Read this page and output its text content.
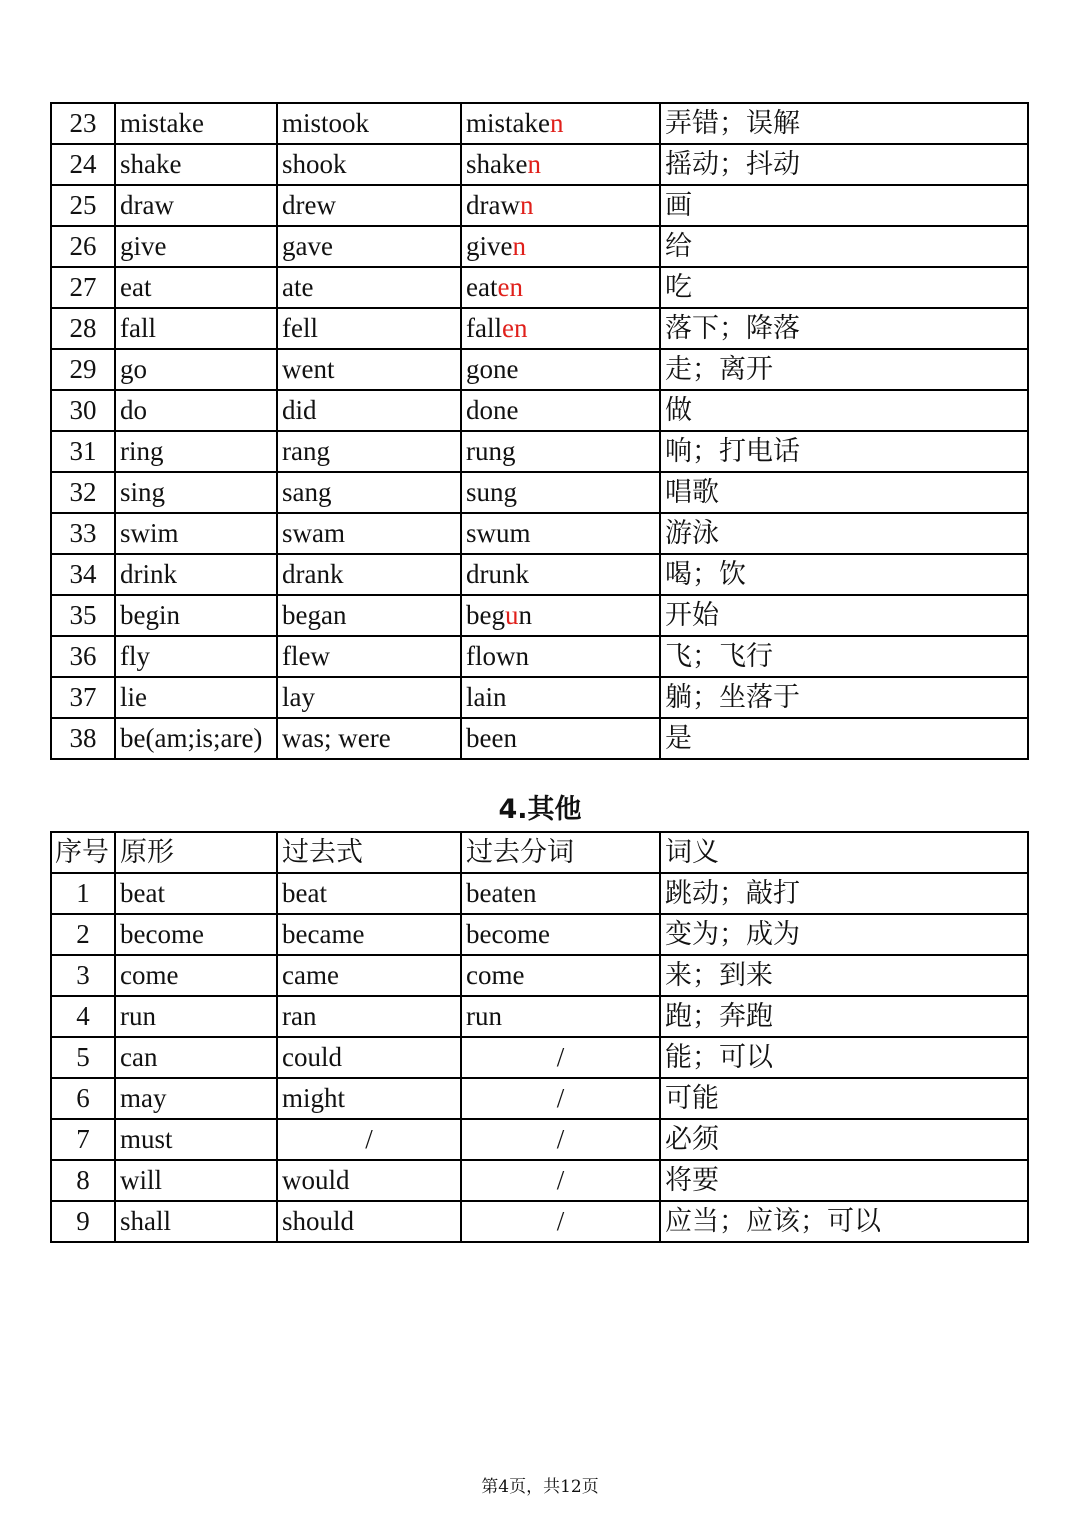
23	mistake	mistook	mistaken	弄错；误解
24	shake	shook	shaken	摇动；抖动
25	draw	drew	drawn	画
26	give	gave	given	给
27	eat	ate	eaten	吃
28	fall	fell	fallen	落下；降落
29	go	went	gone	走；离开
30	do	did	done	做
31	ring	rang	rung	响；打电话
32	sing	sang	sung	唱歌
33	swim	swam	swum	游泳
34	drink	drank	drunk	喝；饮
35	begin	began	begun	开始
36	fly	flew	flown	飞；飞行
37	lie	lay	lain	躺；坐落于
38	be(am;is;are)	was; were	been	是
4.其他
序号	原形	过去式	过去分词	词义
1	beat	beat	beaten	跳动；敲打
2	become	became	become	变为；成为
3	come	came	come	来；到来
4	run	ran	run	跑；奔跑
5	can	could	/	能；可以
6	may	might	/	可能
7	must	/	/	必须
8	will	would	/	将要
9	shall	should	/	应当；应该；可以
第4页，共12页
